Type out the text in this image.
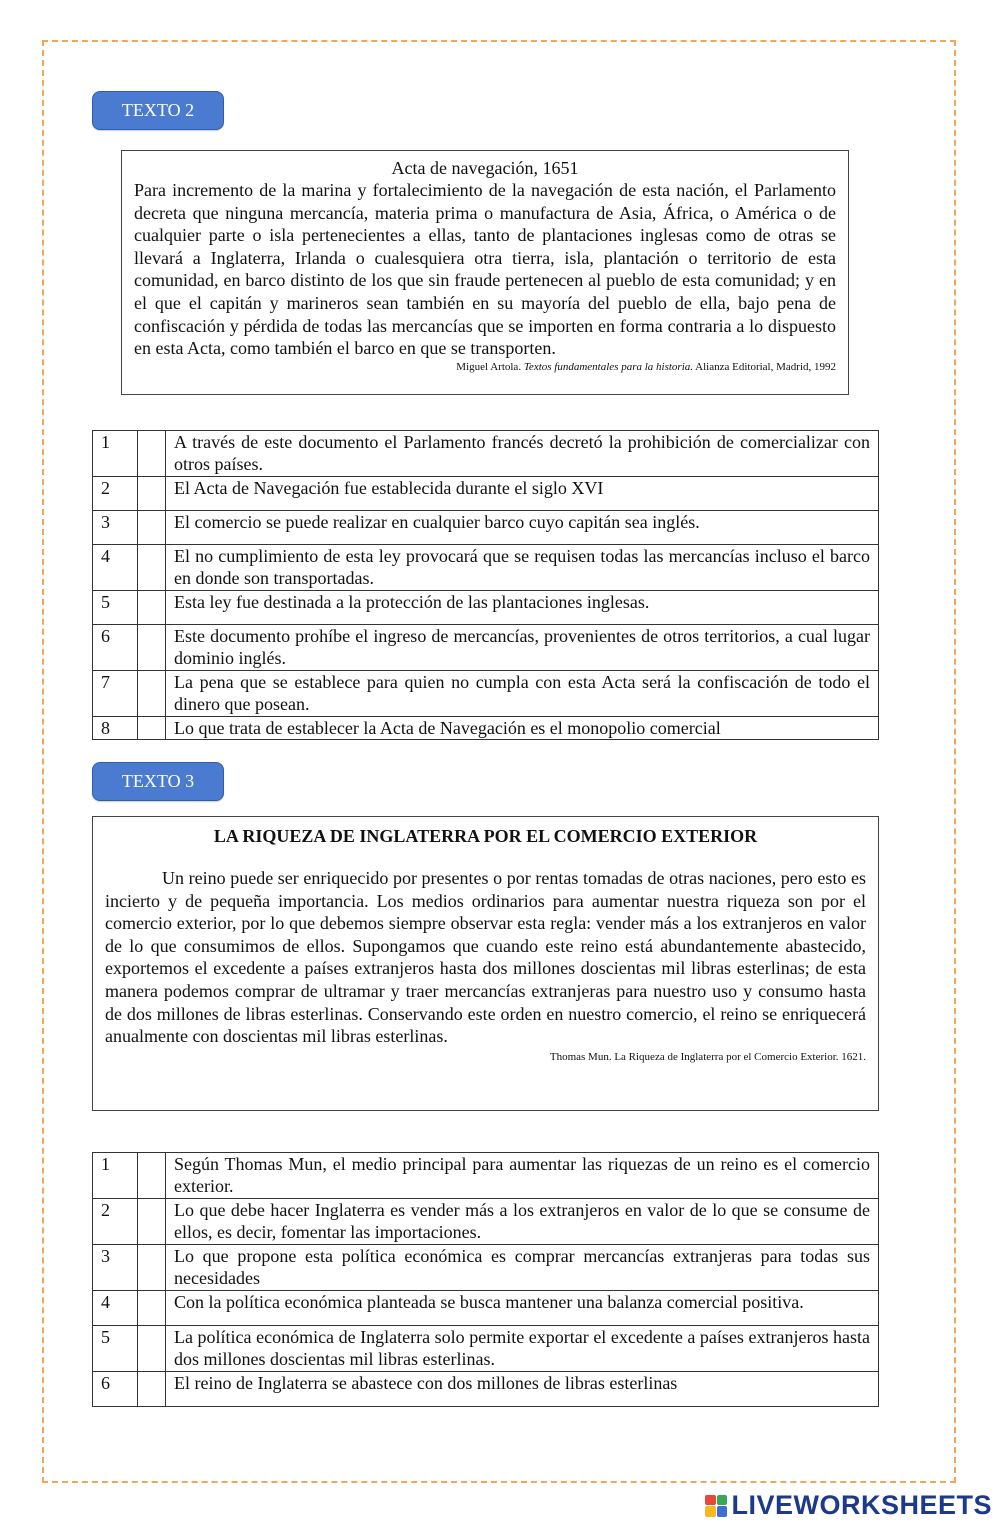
TEXTO 2
Acta de navegación, 1651
Para incremento de la marina y fortalecimiento de la navegación de esta nación, el Parlamento decreta que ninguna mercancía, materia prima o manufactura de Asia, África, o América o de cualquier parte o isla pertenecientes a ellas, tanto de plantaciones inglesas como de otras se llevará a Inglaterra, Irlanda o cualesquiera otra tierra, isla, plantación o territorio de esta comunidad, en barco distinto de los que sin fraude pertenecen al pueblo de esta comunidad; y en el que el capitán y marineros sean también en su mayoría del pueblo de ella, bajo pena de confiscación y pérdida de todas las mercancías que se importen en forma contraria a lo dispuesto en esta Acta, como también el barco en que se transporten.
Miguel Artola. Textos fundamentales para la historia. Alianza Editorial, Madrid, 1992
1		A través de este documento el Parlamento francés decretó la prohibición de comercializar con otros países.
2		El Acta de Navegación fue establecida durante el siglo XVI
3		El comercio se puede realizar en cualquier barco cuyo capitán sea inglés.
4		El no cumplimiento de esta ley provocará que se requisen todas las mercancías incluso el barco en donde son transportadas.
5		Esta ley fue destinada a la protección de las plantaciones inglesas.
6		Este documento prohíbe el ingreso de mercancías, provenientes de otros territorios, a cual lugar dominio inglés.
7		La pena que se establece para quien no cumpla con esta Acta será la confiscación de todo el dinero que posean.
8		Lo que trata de establecer la Acta de Navegación es el monopolio comercial
TEXTO 3
LA RIQUEZA DE INGLATERRA POR EL COMERCIO EXTERIOR
Un reino puede ser enriquecido por presentes o por rentas tomadas de otras naciones, pero esto es incierto y de pequeña importancia. Los medios ordinarios para aumentar nuestra riqueza son por el comercio exterior, por lo que debemos siempre observar esta regla: vender más a los extranjeros en valor de lo que consumimos de ellos. Supongamos que cuando este reino está abundantemente abastecido, exportemos el excedente a países extranjeros hasta dos millones doscientas mil libras esterlinas; de esta manera podemos comprar de ultramar y traer mercancías extranjeras para nuestro uso y consumo hasta de dos millones de libras esterlinas. Conservando este orden en nuestro comercio, el reino se enriquecerá anualmente con doscientas mil libras esterlinas.
Thomas Mun. La Riqueza de Inglaterra por el Comercio Exterior. 1621.
1		Según Thomas Mun, el medio principal para aumentar las riquezas de un reino es el comercio exterior.
2		Lo que debe hacer Inglaterra es vender más a los extranjeros en valor de lo que se consume de ellos, es decir, fomentar las importaciones.
3		Lo que propone esta política económica es comprar mercancías extranjeras para todas sus necesidades
4		Con la política económica planteada se busca mantener una balanza comercial positiva.
5		La política económica de Inglaterra solo permite exportar el excedente a países extranjeros hasta dos millones doscientas mil libras esterlinas.
6		El reino de Inglaterra se abastece con dos millones de libras esterlinas
LIVEWORKSHEETS
